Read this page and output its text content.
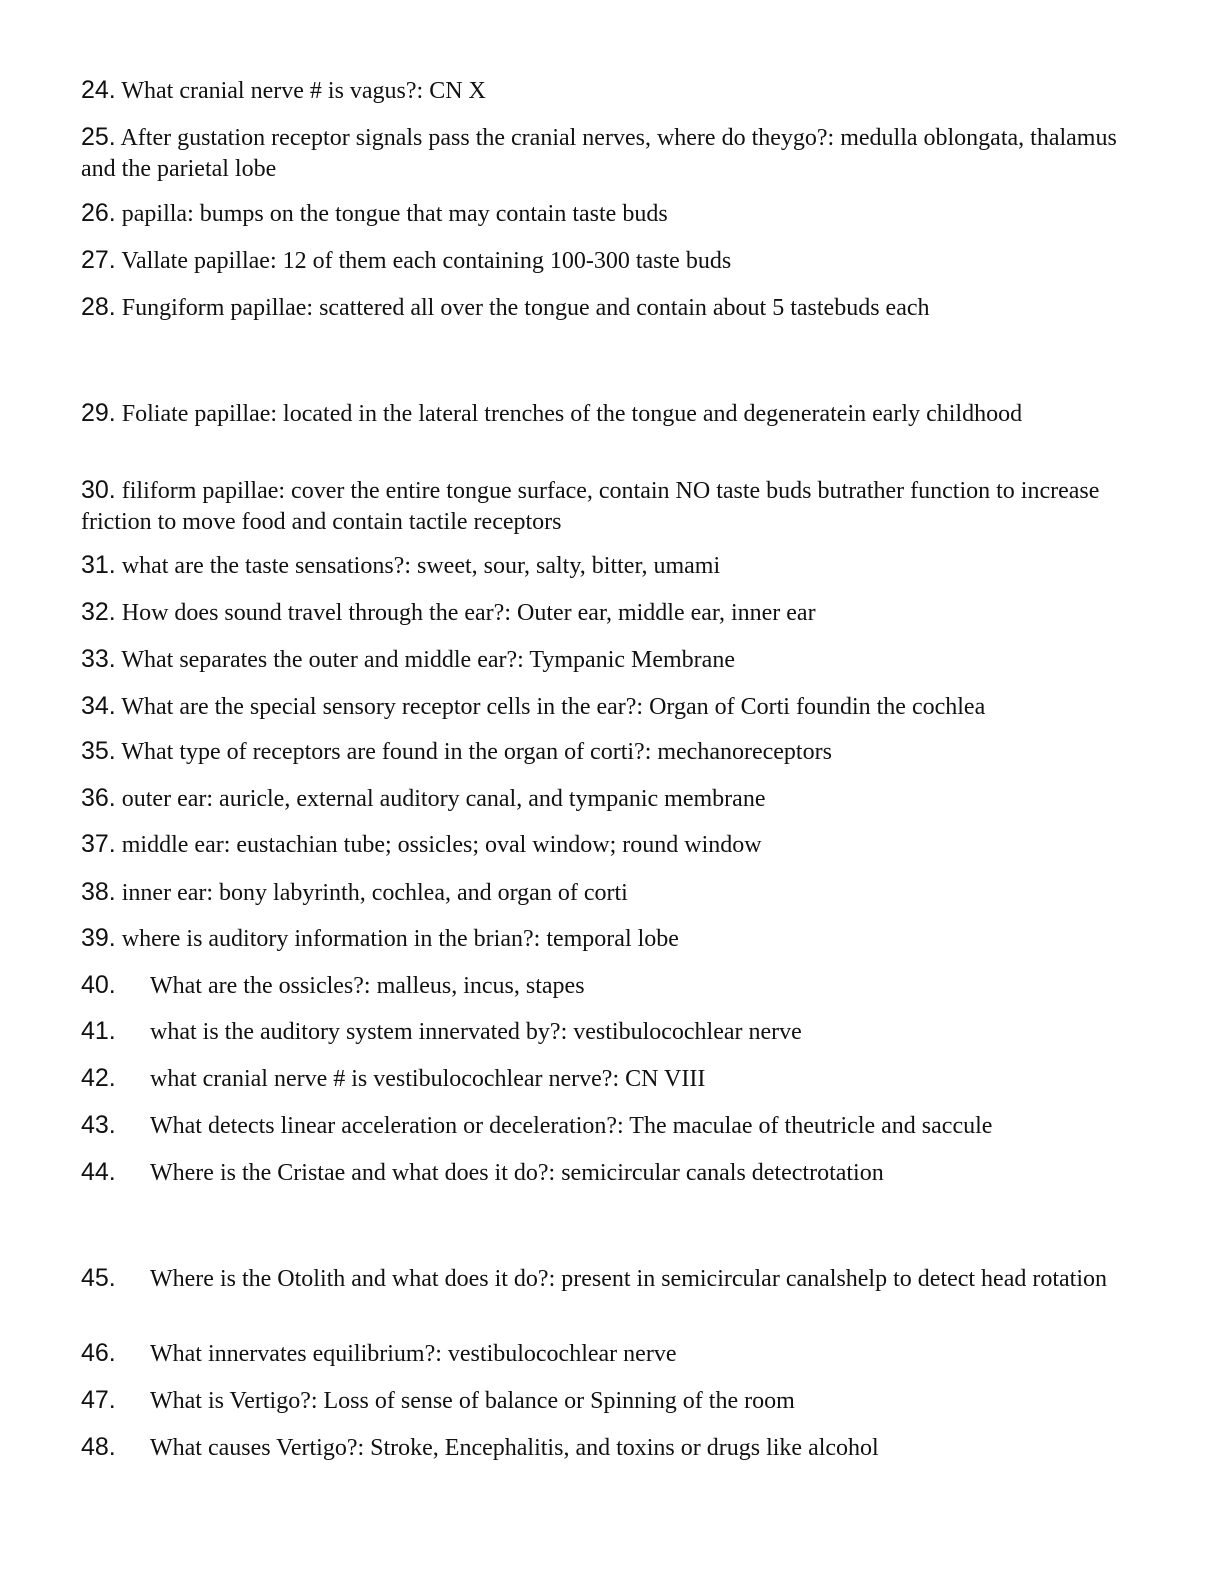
24. What cranial nerve # is vagus?: CN X
25. After gustation receptor signals pass the cranial nerves, where do theygo?: medulla oblongata, thalamus and the parietal lobe
26. papilla: bumps on the tongue that may contain taste buds
27. Vallate papillae: 12 of them each containing 100-300 taste buds
28. Fungiform papillae: scattered all over the tongue and contain about 5 tastebuds each
29. Foliate papillae: located in the lateral trenches of the tongue and degeneratein early childhood
30. filiform papillae: cover the entire tongue surface, contain NO taste buds butrather function to increase friction to move food and contain tactile receptors
31. what are the taste sensations?: sweet, sour, salty, bitter, umami
32. How does sound travel through the ear?: Outer ear, middle ear, inner ear
33. What separates the outer and middle ear?: Tympanic Membrane
34. What are the special sensory receptor cells in the ear?: Organ of Corti foundin the cochlea
35. What type of receptors are found in the organ of corti?: mechanoreceptors
36. outer ear: auricle, external auditory canal, and tympanic membrane
37. middle ear: eustachian tube; ossicles; oval window; round window
38. inner ear: bony labyrinth, cochlea, and organ of corti
39. where is auditory information in the brian?: temporal lobe
40. What are the ossicles?: malleus, incus, stapes
41. what is the auditory system innervated by?: vestibulocochlear nerve
42. what cranial nerve # is vestibulocochlear nerve?: CN VIII
43. What detects linear acceleration or deceleration?: The maculae of theutricle and saccule
44. Where is the Cristae and what does it do?: semicircular canals detectrotation
45. Where is the Otolith and what does it do?: present in semicircular canalshelp to detect head rotation
46. What innervates equilibrium?: vestibulocochlear nerve
47. What is Vertigo?: Loss of sense of balance or Spinning of the room
48. What causes Vertigo?: Stroke, Encephalitis, and toxins or drugs like alcohol
